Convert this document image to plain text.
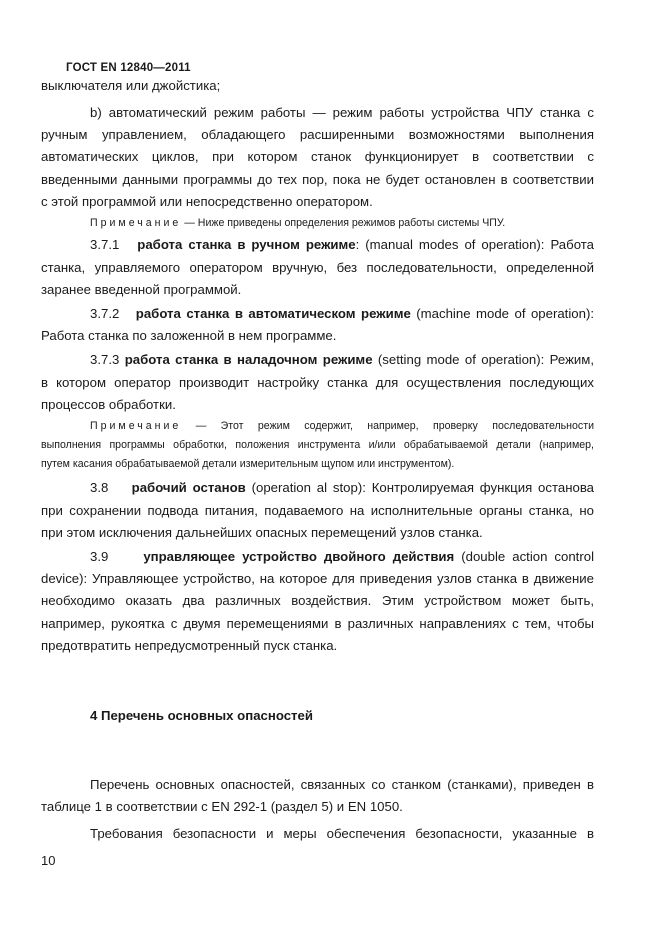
ГОСТ EN 12840—2011
выключателя или джойстика;
b) автоматический режим работы — режим работы устройства ЧПУ станка с
ручным управлением, обладающего расширенными возможностями выполнения
автоматических циклов, при котором станок функционирует в соответствии с
введенными данными программы до тех пор, пока не будет остановлен в соответствии
с этой программой или непосредственно оператором.
Примечание — Ниже приведены определения режимов работы системы ЧПУ.
3.7.1 работа станка в ручном режиме: (manual modes of operation): Работа
станка, управляемого оператором вручную, без последовательности, определенной
заранее введенной программой.
3.7.2 работа станка в автоматическом режиме (machine mode of operation):
Работа станка по заложенной в нем программе.
3.7.3 работа станка в наладочном режиме (setting mode of operation): Режим,
в котором оператор производит настройку станка для осуществления последующих
процессов обработки.
Примечание — Этот режим содержит, например, проверку последовательности
выполнения программы обработки, положения инструмента и/или обрабатываемой детали (например,
путем касания обрабатываемой детали измерительным щупом или инструментом).
3.8 рабочий останов (operation al stop): Контролируемая функция останова
при сохранении подвода питания, подаваемого на исполнительные органы станка, но
при этом исключения дальнейших опасных перемещений узлов станка.
3.9	управляющее устройство двойного действия (double action control
device): Управляющее устройство, на которое для приведения узлов станка в движение
необходимо оказать два различных воздействия. Этим устройством может быть,
например, рукоятка с двумя перемещениями в различных направлениях с тем, чтобы
предотвратить непредусмотренный пуск станка.
4 Перечень основных опасностей
Перечень основных опасностей, связанных со станком (станками), приведен в
таблице 1 в соответствии с EN 292-1 (раздел 5) и EN 1050.
Требования безопасности и меры обеспечения безопасности, указанные в
10
